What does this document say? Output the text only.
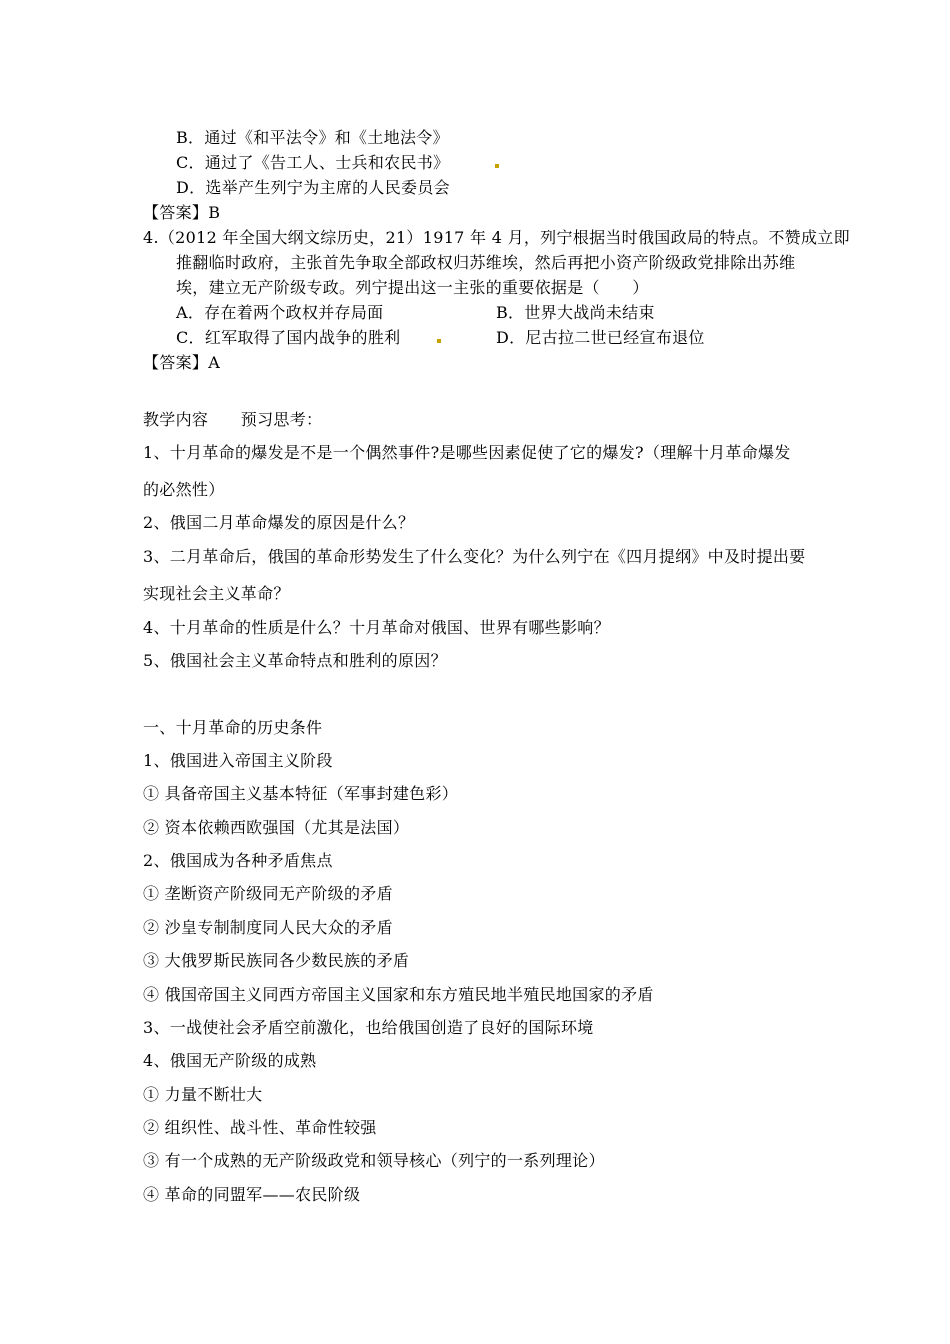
B．通过《和平法令》和《土地法令》
C．通过了《告工人、士兵和农民书》
D．选举产生列宁为主席的人民委员会
【答案】B
4.（2012 年全国大纲文综历史，21）1917 年 4 月，列宁根据当时俄国政局的特点。不赞成立即
推翻临时政府，主张首先争取全部政权归苏维埃，然后再把小资产阶级政党排除出苏维
埃，建立无产阶级专政。列宁提出这一主张的重要依据是（　　）
A．存在着两个政权并存局面	B．世界大战尚未结束
C．红军取得了国内战争的胜利	D．尼古拉二世已经宣布退位
【答案】A
教学内容　　预习思考：
1、十月革命的爆发是不是一个偶然事件?是哪些因素促使了它的爆发?（理解十月革命爆发
的必然性）
2、俄国二月革命爆发的原因是什么？
3、二月革命后，俄国的革命形势发生了什么变化？为什么列宁在《四月提纲》中及时提出要
实现社会主义革命？
4、十月革命的性质是什么？十月革命对俄国、世界有哪些影响？
5、俄国社会主义革命特点和胜利的原因？
一、十月革命的历史条件
1、俄国进入帝国主义阶段
① 具备帝国主义基本特征（军事封建色彩）
② 资本依赖西欧强国（尤其是法国）
2、俄国成为各种矛盾焦点
① 垄断资产阶级同无产阶级的矛盾
② 沙皇专制制度同人民大众的矛盾
③ 大俄罗斯民族同各少数民族的矛盾
④ 俄国帝国主义同西方帝国主义国家和东方殖民地半殖民地国家的矛盾
3、一战使社会矛盾空前激化，也给俄国创造了良好的国际环境
4、俄国无产阶级的成熟
① 力量不断壮大
② 组织性、战斗性、革命性较强
③ 有一个成熟的无产阶级政党和领导核心（列宁的一系列理论）
④ 革命的同盟军——农民阶级
